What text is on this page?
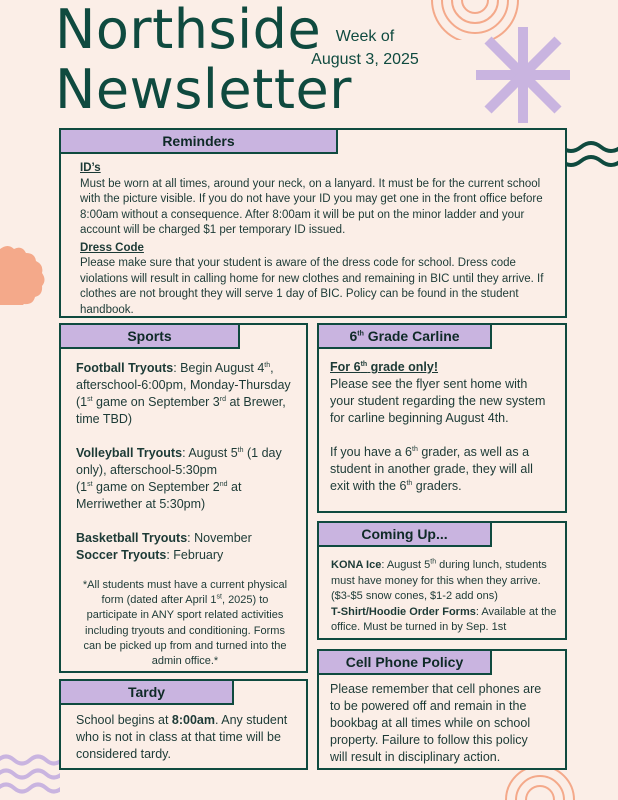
Northside
Newsletter
Week of
August 3, 2025
Reminders

ID’s

Must be worn at all times, around your neck, on a lanyard. It must be for the current school with the picture visible. If you do not have your ID you may get one in the front office before 8:00am without a consequence. After 8:00am it will be put on the minor ladder and your account will be charged $1 per temporary ID issued.

Dress Code

Please make sure that your student is aware of the dress code for school. Dress code violations will result in calling home for new clothes and remaining in BIC until they arrive. If clothes are not brought they will serve 1 day of BIC. Policy can be found in the student handbook.

Sports

Football Tryouts: Begin August 4th, afterschool-6:00pm, Monday-Thursday

(1st game on September 3rd at Brewer, time TBD)

Volleyball Tryouts: August 5th (1 day only), afterschool-5:30pm

(1st game on September 2nd at Merriwether at 5:30pm)

Basketball Tryouts: November

Soccer Tryouts: February

*All students must have a current physical form (dated after April 1st, 2025) to participate in ANY sport related activities including tryouts and conditioning. Forms can be picked up from and turned into the admin office.*
6th Grade Carline

For 6th grade only!

Please see the flyer sent home with your student regarding the new system for carline beginning August 4th.

If you have a 6th grader, as well as a student in another grade, they will all exit with the 6th graders.

Coming Up...

KONA Ice: August 5th during lunch, students must have money for this when they arrive. ($3-$5 snow cones, $1-2 add ons)

T-Shirt/Hoodie Order Forms: Available at the office. Must be turned in by Sep. 1st

Tardy
School begins at 8:00am. Any student who is not in class at that time will be considered tardy.
Cell Phone Policy
Please remember that cell phones are to be powered off and remain in the bookbag at all times while on school property. Failure to follow this policy will result in disciplinary action.
